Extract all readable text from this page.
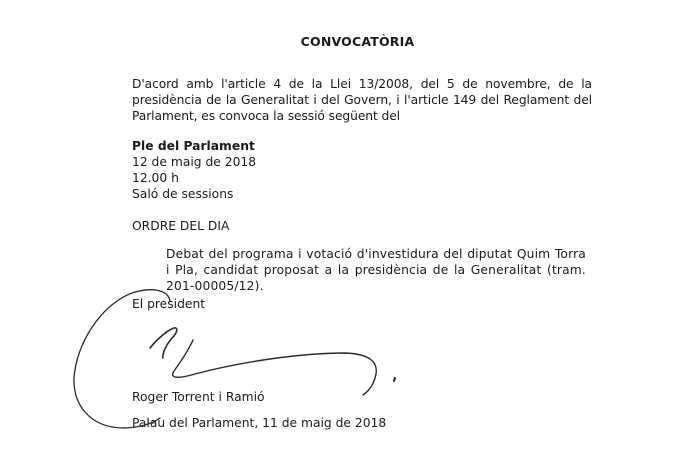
CONVOCATÒRIA
D'acord amb l'article 4 de la Llei 13/2008, del 5 de novembre, de la presidència de la Generalitat i del Govern, i l'article 149 del Reglament del Parlament, es convoca la sessió següent del
Ple del Parlament
12 de maig de 2018
12.00 h
Saló de sessions
ORDRE DEL DIA
Debat del programa i votació d'investidura del diputat Quim Torra i Pla, candidat proposat a la presidència de la Generalitat (tram. 201-00005/12).
El president
Roger Torrent i Ramió
Palau del Parlament, 11 de maig de 2018
